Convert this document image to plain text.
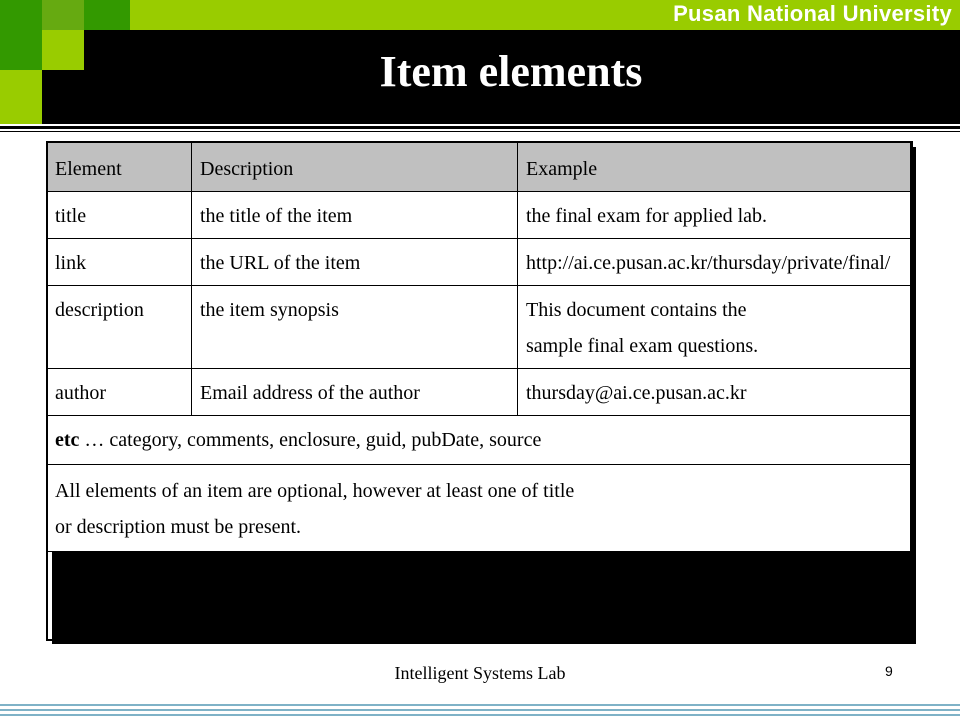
Pusan National University
Item elements
Element	Description	Example
title	the title of the item	the final exam for applied lab.
link	the URL of the item	http://ai.ce.pusan.ac.kr/thursday/private/final/
description	the item synopsis	This document contains the
sample final exam questions.

author	Email address of the author	thursday@ai.ce.pusan.ac.kr
etc … category, comments, enclosure, guid, pubDate, source		

All elements of an item are optional, however at least one of title
or description must be present.		
Intelligent Systems Lab	9
